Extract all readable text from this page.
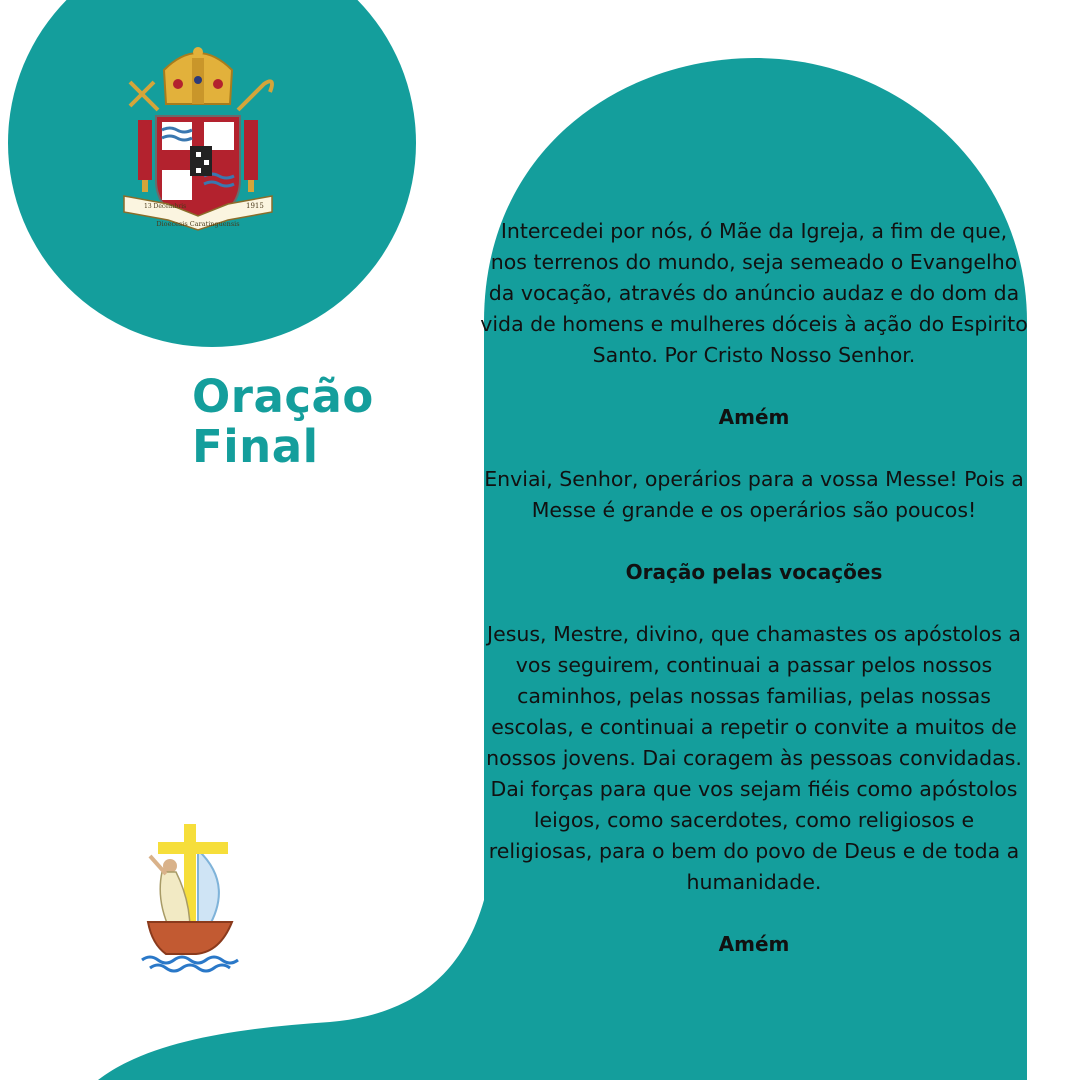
13 Decembris
Dioecesis Caratinguensis
1915
Oração
Final

Intercedei por nós, ó Mãe da Igreja, a fim de que, nos terrenos do mundo, seja semeado o Evangelho da vocação, através do anúncio audaz e do dom da vida de homens e mulheres dóceis à ação do Espirito Santo. Por Cristo Nosso Senhor.

Amém

Enviai, Senhor, operários para a vossa Messe! Pois a Messe é grande e os operários são poucos!

Oração pelas vocações

Jesus, Mestre, divino, que chamastes os apóstolos a vos seguirem, continuai a passar pelos nossos caminhos, pelas nossas familias, pelas nossas escolas, e continuai a repetir o convite a muitos de nossos jovens. Dai coragem às pessoas convidadas. Dai forças para que vos sejam fiéis como apóstolos leigos, como sacerdotes, como religiosos e religiosas, para o bem do povo de Deus e de toda a humanidade.

Amém
